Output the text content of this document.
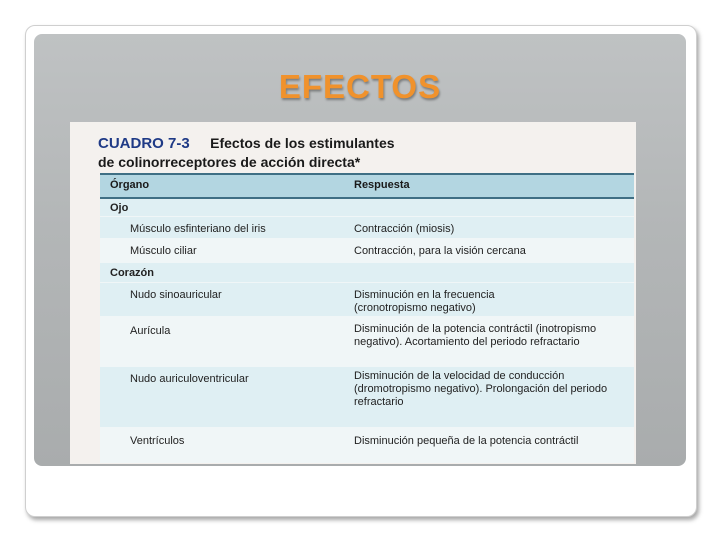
EFECTOS
CUADRO 7-3 Efectos de los estimulantes
de colinorreceptores de acción directa*
Órgano	Respuesta
Ojo
Músculo esfinteriano del iris	Contracción (miosis)
Músculo ciliar	Contracción, para la visión cercana
Corazón
Nudo sinoauricular	Disminución en la frecuencia (cronotropismo negativo)
Aurícula	Disminución de la potencia contráctil (inotropismo negativo). Acortamiento del periodo refractario
Nudo auriculoventricular	Disminución de la velocidad de conducción (dromotropismo negativo). Prolongación del periodo refractario
Ventrículos	Disminución pequeña de la potencia contráctil
